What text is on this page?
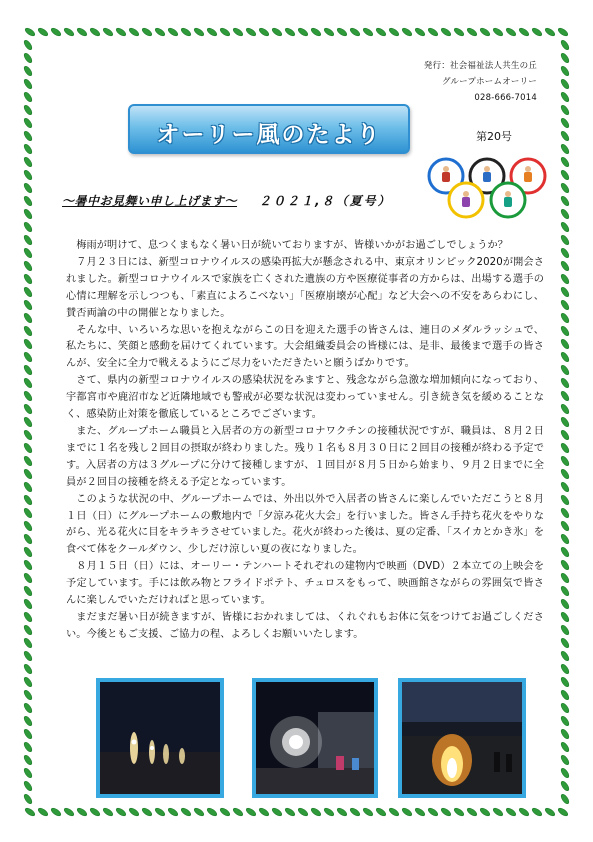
発行：社会福祉法人共生の丘
グループホームオーリー
028-666-7014
オーリー風のたより	第20号
〜暑中お見舞い申し上げます〜 ２０２１,８（夏号）

梅雨が明けて、息つくまもなく暑い日が続いておりますが、皆様いかがお過ごしでしょうか？

７月２３日には、新型コロナウイルスの感染再拡大が懸念される中、東京オリンピック2020が開会されました。新型コロナウイルスで家族を亡くされた遺族の方や医療従事者の方からは、出場する選手の心情に理解を示しつつも、「素直によろこべない」「医療崩壊が心配」など大会への不安をあらわにし、賛否両論の中の開催となりました。

そんな中、いろいろな思いを抱えながらこの日を迎えた選手の皆さんは、連日のメダルラッシュで、私たちに、笑顔と感動を届けてくれています。大会組織委員会の皆様には、是非、最後まで選手の皆さんが、安全に全力で戦えるようにご尽力をいただきたいと願うばかりです。

さて、県内の新型コロナウイルスの感染状況をみますと、残念ながら急激な増加傾向になっており、宇都宮市や鹿沼市など近隣地域でも警戒が必要な状況は変わっていません。引き続き気を緩めることなく、感染防止対策を徹底しているところでございます。

また、グループホーム職員と入居者の方の新型コロナワクチンの接種状況ですが、職員は、８月２日までに１名を残し２回目の摂取が終わりました。残り１名も８月３０日に２回目の接種が終わる予定です。入居者の方は３グループに分けて接種しますが、１回目が８月５日から始まり、９月２日までに全員が２回目の接種を終える予定となっています。

このような状況の中、グループホームでは、外出以外で入居者の皆さんに楽しんでいただこうと８月１日（日）にグループホームの敷地内で「夕涼み花火大会」を行いました。皆さん手持ち花火をやりながら、光る花火に目をキラキラさせていました。花火が終わった後は、夏の定番、「スイカとかき氷」を食べて体をクールダウン、少しだけ涼しい夏の夜になりました。

８月１５日（日）には、オーリー・テンハートそれぞれの建物内で映画（DVD）２本立ての上映会を予定しています。手には飲み物とフライドポテト、チュロスをもって、映画館さながらの雰囲気で皆さんに楽しんでいただければと思っています。

まだまだ暑い日が続きますが、皆様におかれましては、くれぐれもお体に気をつけてお過ごしください。今後ともご支援、ご協力の程、よろしくお願いいたします。
